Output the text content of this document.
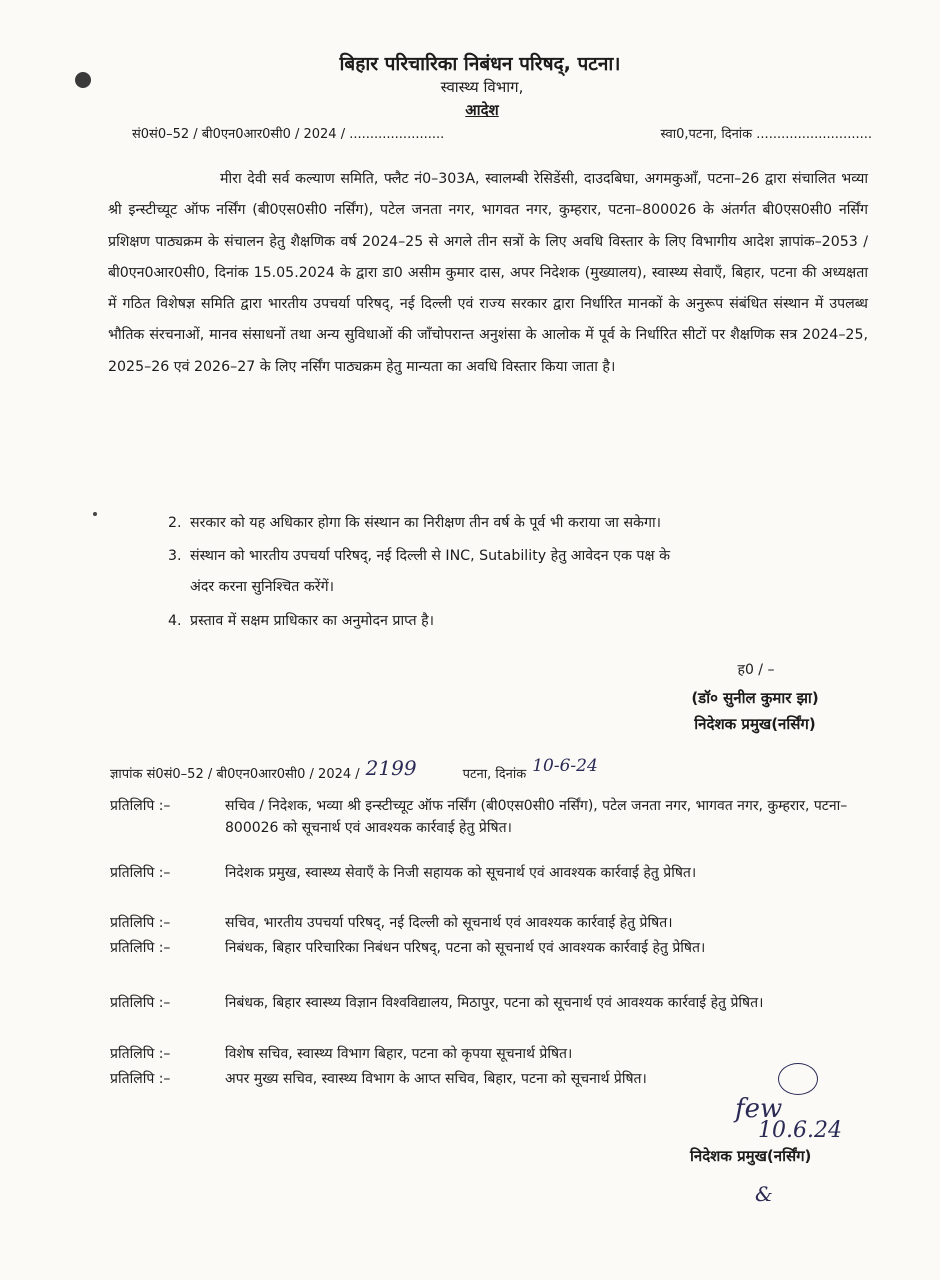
बिहार परिचारिका निबंधन परिषद्, पटना।
स्वास्थ्य विभाग,
आदेश
सं0सं0–52 / बी0एन0आर0सी0 / 2024 / .......................	स्वा0,पटना, दिनांक ............................
मीरा देवी सर्व कल्याण समिति, फ्लैट नं0–303A, स्वालम्बी रेसिडेंसी, दाउदबिघा, अगमकुआँ, पटना–26 द्वारा संचालित भव्या श्री इन्स्टीच्यूट ऑफ नर्सिंग (बी0एस0सी0 नर्सिंग), पटेल जनता नगर, भागवत नगर, कुम्हरार, पटना–800026 के अंतर्गत बी0एस0सी0 नर्सिंग प्रशिक्षण पाठ्यक्रम के संचालन हेतु शैक्षणिक वर्ष 2024–25 से अगले तीन सत्रों के लिए अवधि विस्तार के लिए विभागीय आदेश ज्ञापांक–2053 / बी0एन0आर0सी0, दिनांक 15.05.2024 के द्वारा डा0 असीम कुमार दास, अपर निदेशक (मुख्यालय), स्वास्थ्य सेवाएँ, बिहार, पटना की अध्यक्षता में गठित विशेषज्ञ समिति द्वारा भारतीय उपचर्या परिषद्, नई दिल्ली एवं राज्य सरकार द्वारा निर्धारित मानकों के अनुरूप संबंधित संस्थान में उपलब्ध भौतिक संरचनाओं, मानव संसाधनों तथा अन्य सुविधाओं की जाँचोपरान्त अनुशंसा के आलोक में पूर्व के निर्धारित सीटों पर शैक्षणिक सत्र 2024–25, 2025–26 एवं 2026–27 के लिए नर्सिंग पाठ्यक्रम हेतु मान्यता का अवधि विस्तार किया जाता है।
2. सरकार को यह अधिकार होगा कि संस्थान का निरीक्षण तीन वर्ष के पूर्व भी कराया जा सकेगा।
3. संस्थान को भारतीय उपचर्या परिषद्, नई दिल्ली से INC, Sutability हेतु आवेदन एक पक्ष के
अंदर करना सुनिश्चित करेंगें।
4. प्रस्ताव में सक्षम प्राधिकार का अनुमोदन प्राप्त है।
ह0 / –
(डॉ० सुनील कुमार झा)
निदेशक प्रमुख(नर्सिंग)
ज्ञापांक सं0सं0–52 / बी0एन0आर0सी0 / 2024 / 2199	पटना, दिनांक 10-6-24
प्रतिलिपि :–	सचिव / निदेशक, भव्या श्री इन्स्टीच्यूट ऑफ नर्सिंग (बी0एस0सी0 नर्सिंग), पटेल जनता नगर, भागवत नगर, कुम्हरार, पटना–800026 को सूचनार्थ एवं आवश्यक कार्रवाई हेतु प्रेषित।
प्रतिलिपि :–	निदेशक प्रमुख, स्वास्थ्य सेवाएँ के निजी सहायक को सूचनार्थ एवं आवश्यक कार्रवाई हेतु प्रेषित।
प्रतिलिपि :–	सचिव, भारतीय उपचर्या परिषद्, नई दिल्ली को सूचनार्थ एवं आवश्यक कार्रवाई हेतु प्रेषित।
प्रतिलिपि :–	निबंधक, बिहार परिचारिका निबंधन परिषद्, पटना को सूचनार्थ एवं आवश्यक कार्रवाई हेतु प्रेषित।
प्रतिलिपि :–	निबंधक, बिहार स्वास्थ्य विज्ञान विश्वविद्यालय, मिठापुर, पटना को सूचनार्थ एवं आवश्यक कार्रवाई हेतु प्रेषित।
प्रतिलिपि :–	विशेष सचिव, स्वास्थ्य विभाग बिहार, पटना को कृपया सूचनार्थ प्रेषित।
प्रतिलिपि :–	अपर मुख्य सचिव, स्वास्थ्य विभाग के आप्त सचिव, बिहार, पटना को सूचनार्थ प्रेषित।
few
10.6.24
निदेशक प्रमुख(नर्सिंग)
&
